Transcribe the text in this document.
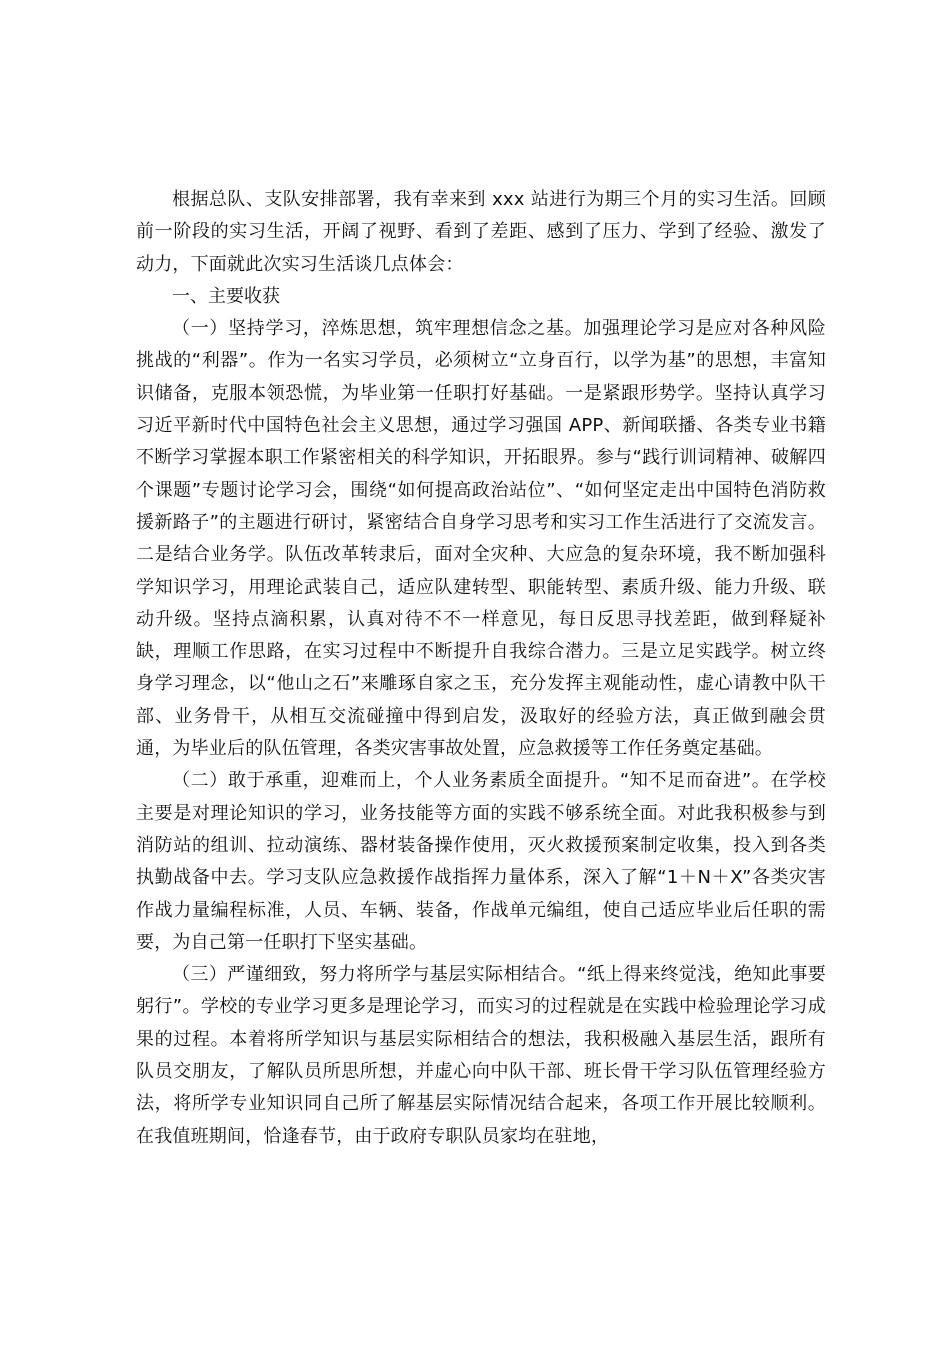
根据总队、支队安排部署，我有幸来到 xxx 站进行为期三个月的实习生活。回顾前一阶段的实习生活，开阔了视野、看到了差距、感到了压力、学到了经验、激发了动力，下面就此次实习生活谈几点体会：

一、主要收获

（一）坚持学习，淬炼思想，筑牢理想信念之基。加强理论学习是应对各种风险挑战的“利器”。作为一名实习学员，必须树立“立身百行，以学为基”的思想，丰富知识储备，克服本领恐慌，为毕业第一任职打好基础。一是紧跟形势学。坚持认真学习习近平新时代中国特色社会主义思想，通过学习强国 APP、新闻联播、各类专业书籍不断学习掌握本职工作紧密相关的科学知识，开拓眼界。参与“践行训词精神、破解四个课题”专题讨论学习会，围绕“如何提高政治站位”、“如何坚定走出中国特色消防救援新路子”的主题进行研讨，紧密结合自身学习思考和实习工作生活进行了交流发言。二是结合业务学。队伍改革转隶后，面对全灾种、大应急的复杂环境，我不断加强科学知识学习，用理论武装自己，适应队建转型、职能转型、素质升级、能力升级、联动升级。坚持点滴积累，认真对待不不一样意见，每日反思寻找差距，做到释疑补缺，理顺工作思路，在实习过程中不断提升自我综合潜力。三是立足实践学。树立终身学习理念，以“他山之石”来雕琢自家之玉，充分发挥主观能动性，虚心请教中队干部、业务骨干，从相互交流碰撞中得到启发，汲取好的经验方法，真正做到融会贯通，为毕业后的队伍管理，各类灾害事故处置，应急救援等工作任务奠定基础。

（二）敢于承重，迎难而上，个人业务素质全面提升。“知不足而奋进”。在学校主要是对理论知识的学习，业务技能等方面的实践不够系统全面。对此我积极参与到消防站的组训、拉动演练、器材装备操作使用，灭火救援预案制定收集，投入到各类执勤战备中去。学习支队应急救援作战指挥力量体系，深入了解“1＋N＋X”各类灾害作战力量编程标准，人员、车辆、装备，作战单元编组，使自己适应毕业后任职的需要，为自己第一任职打下坚实基础。

（三）严谨细致，努力将所学与基层实际相结合。“纸上得来终觉浅，绝知此事要躬行”。学校的专业学习更多是理论学习，而实习的过程就是在实践中检验理论学习成果的过程。本着将所学知识与基层实际相结合的想法，我积极融入基层生活，跟所有队员交朋友，了解队员所思所想，并虚心向中队干部、班长骨干学习队伍管理经验方法，将所学专业知识同自己所了解基层实际情况结合起来，各项工作开展比较顺利。在我值班期间，恰逢春节，由于政府专职队员家均在驻地，
